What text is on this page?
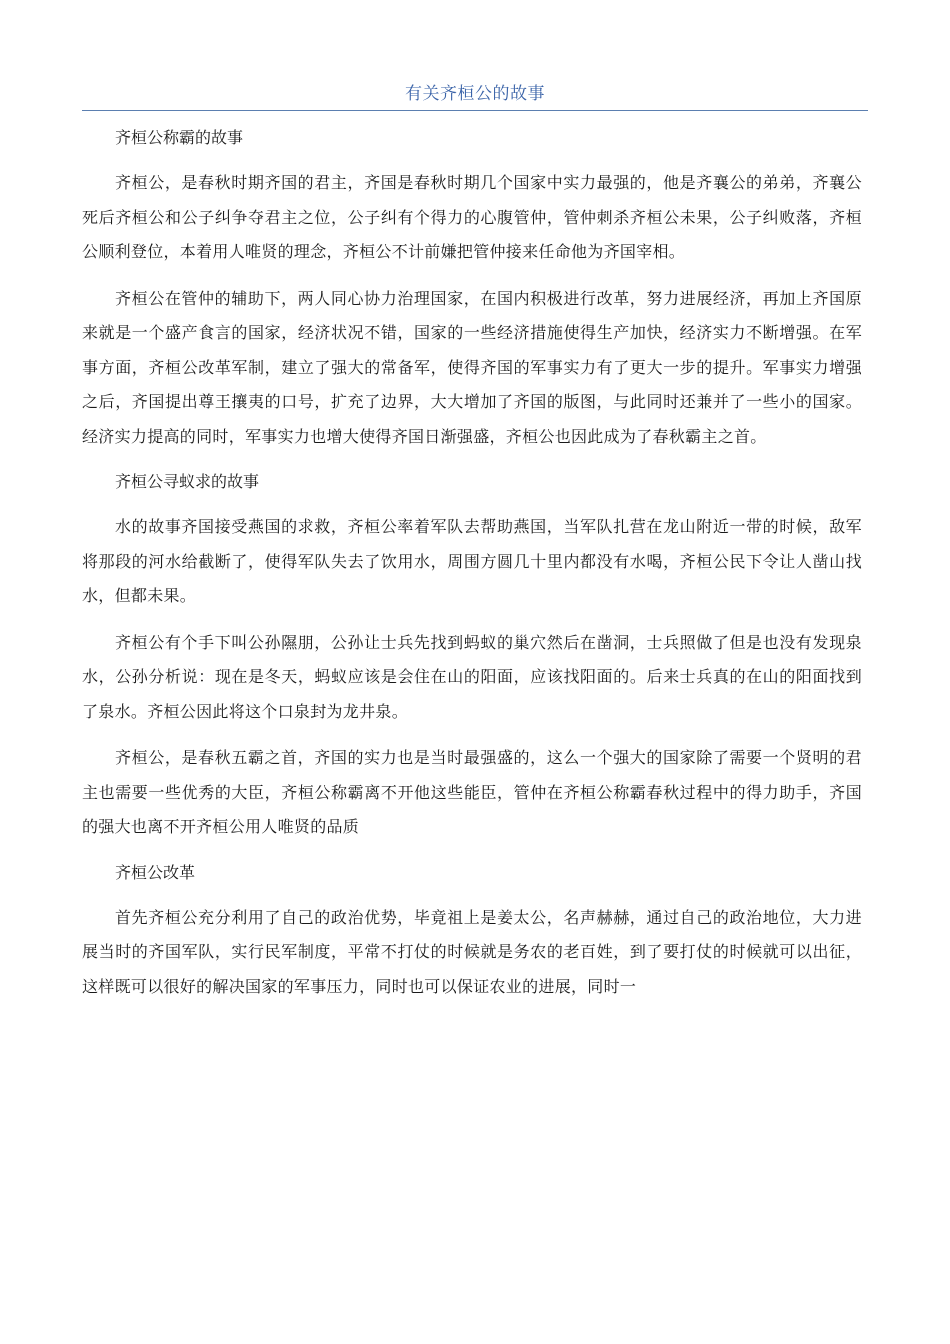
有关齐桓公的故事

齐桓公称霸的故事

齐桓公，是春秋时期齐国的君主，齐国是春秋时期几个国家中实力最强的，他是齐襄公的弟弟，齐襄公死后齐桓公和公子纠争夺君主之位，公子纠有个得力的心腹管仲，管仲刺杀齐桓公未果，公子纠败落，齐桓公顺利登位，本着用人唯贤的理念，齐桓公不计前嫌把管仲接来任命他为齐国宰相。

齐桓公在管仲的辅助下，两人同心协力治理国家，在国内积极进行改革，努力进展经济，再加上齐国原来就是一个盛产食言的国家，经济状况不错，国家的一些经济措施使得生产加快，经济实力不断增强。在军事方面，齐桓公改革军制，建立了强大的常备军，使得齐国的军事实力有了更大一步的提升。军事实力增强之后，齐国提出尊王攘夷的口号，扩充了边界，大大增加了齐国的版图，与此同时还兼并了一些小的国家。经济实力提高的同时，军事实力也增大使得齐国日渐强盛，齐桓公也因此成为了春秋霸主之首。

齐桓公寻蚁求的故事

水的故事齐国接受燕国的求救，齐桓公率着军队去帮助燕国，当军队扎营在龙山附近一带的时候，敌军将那段的河水给截断了，使得军队失去了饮用水，周围方圆几十里内都没有水喝，齐桓公民下令让人凿山找水，但都未果。

齐桓公有个手下叫公孙隰朋，公孙让士兵先找到蚂蚁的巢穴然后在凿洞，士兵照做了但是也没有发现泉水，公孙分析说：现在是冬天，蚂蚁应该是会住在山的阳面，应该找阳面的。后来士兵真的在山的阳面找到了泉水。齐桓公因此将这个口泉封为龙井泉。

齐桓公，是春秋五霸之首，齐国的实力也是当时最强盛的，这么一个强大的国家除了需要一个贤明的君主也需要一些优秀的大臣，齐桓公称霸离不开他这些能臣，管仲在齐桓公称霸春秋过程中的得力助手，齐国的强大也离不开齐桓公用人唯贤的品质

齐桓公改革

首先齐桓公充分利用了自己的政治优势，毕竟祖上是姜太公，名声赫赫，通过自己的政治地位，大力进展当时的齐国军队，实行民军制度，平常不打仗的时候就是务农的老百姓，到了要打仗的时候就可以出征，这样既可以很好的解决国家的军事压力，同时也可以保证农业的进展，同时一
